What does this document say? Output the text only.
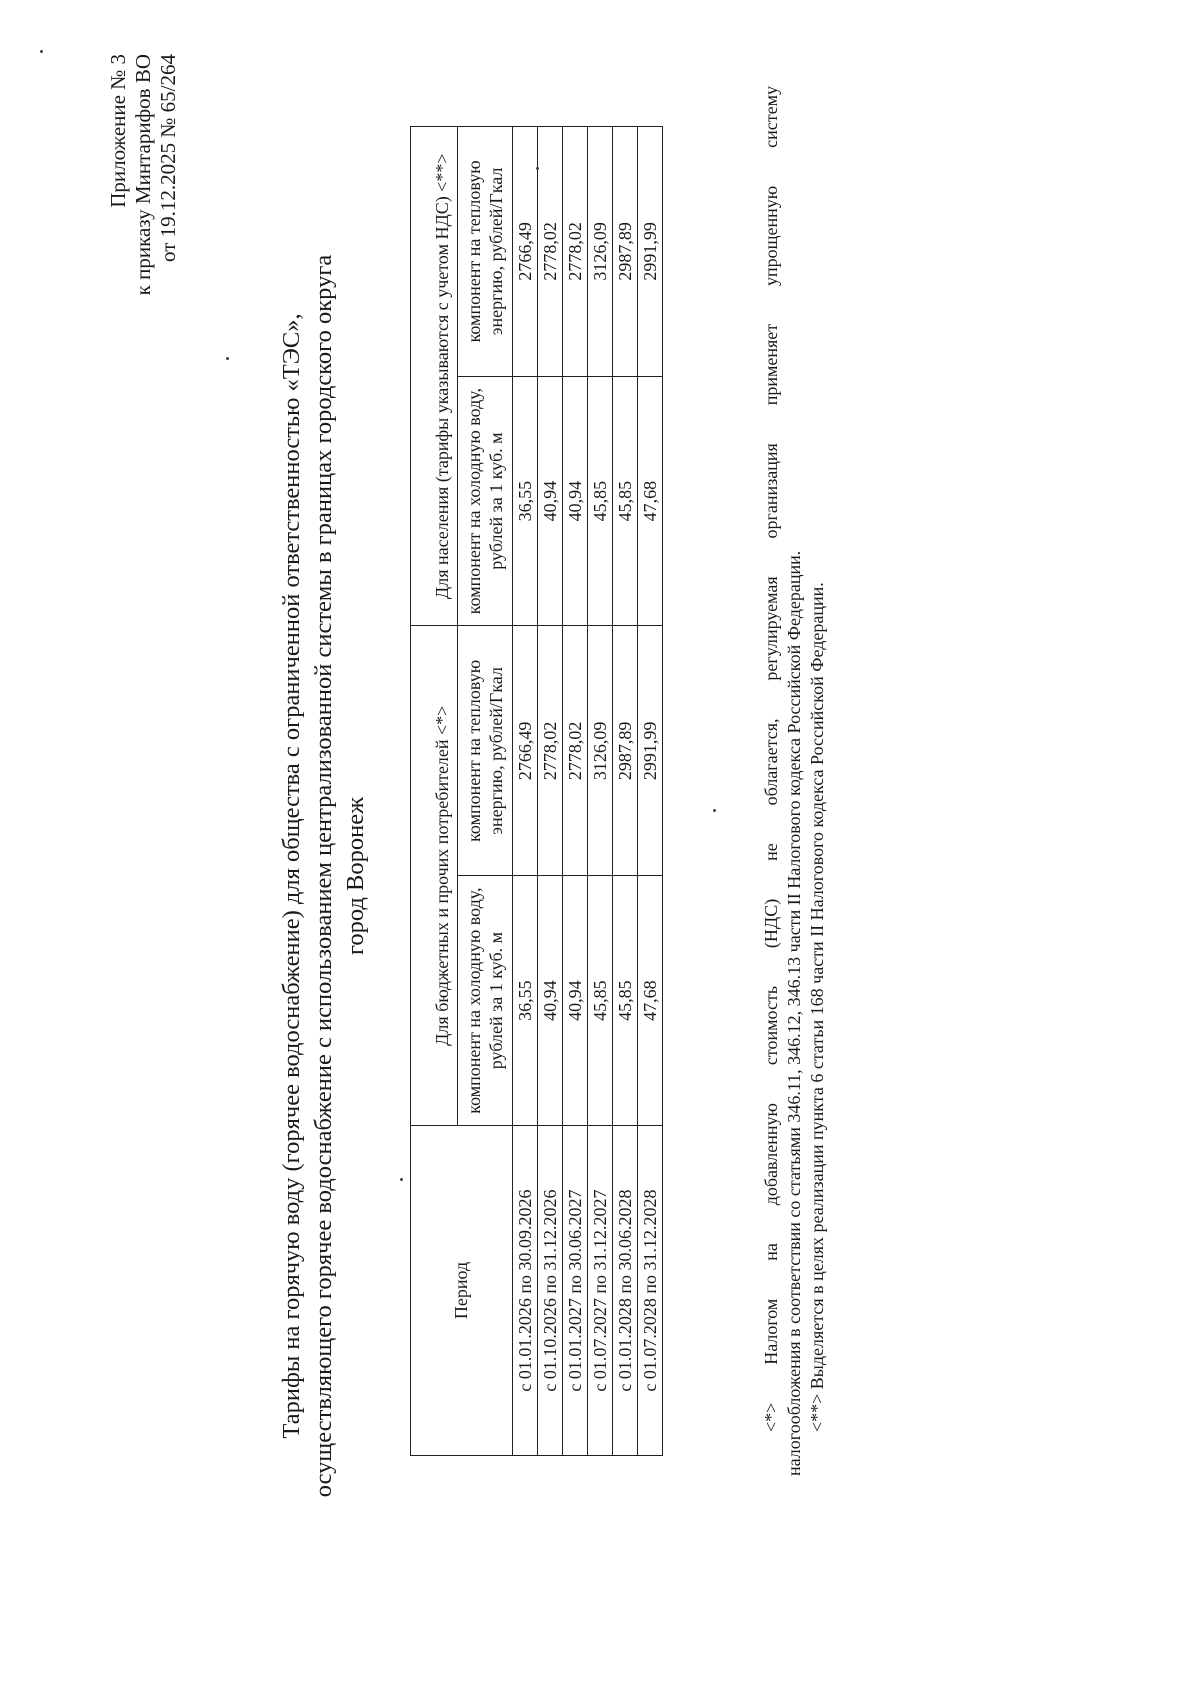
Приложение № 3 к приказу Минтарифов ВО от 19.12.2025 № 65/264
Тарифы на горячую воду (горячее водоснабжение) для общества с ограниченной ответственностью «ТЭС», осуществляющего горячее водоснабжение с использованием централизованной системы в границах городского округа город Воронеж
Период	Для бюджетных и прочих потребителей <*>		Для населения (тарифы указываются с учетом НДС) <**>	
	компонент на холодную воду, рублей за 1 куб. м	компонент на тепловую энергию, рублей/Гкал	компонент на холодную воду, рублей за 1 куб. м	компонент на тепловую энергию, рублей/Гкал
с 01.01.2026 по 30.09.2026	36,55	2766,49	36,55	2766,49
с 01.10.2026 по 31.12.2026	40,94	2778,02	40,94	2778,02
с 01.01.2027 по 30.06.2027	40,94	2778,02	40,94	2778,02
с 01.07.2027 по 31.12.2027	45,85	3126,09	45,85	3126,09
с 01.01.2028 по 30.06.2028	45,85	2987,89	45,85	2987,89
с 01.07.2028 по 31.12.2028	47,68	2991,99	47,68	2991,99	<*> Налогом на добавленную стоимость (НДС) не облагается, регулируемая организация применяет упрощенную систему налогообложения в соответствии со статьями 346.11, 346.12, 346.13 части II Налогового кодекса Российской Федерации. <**> Выделяется в целях реализации пункта 6 статьи 168 части II Налогового кодекса Российской Федерации.
